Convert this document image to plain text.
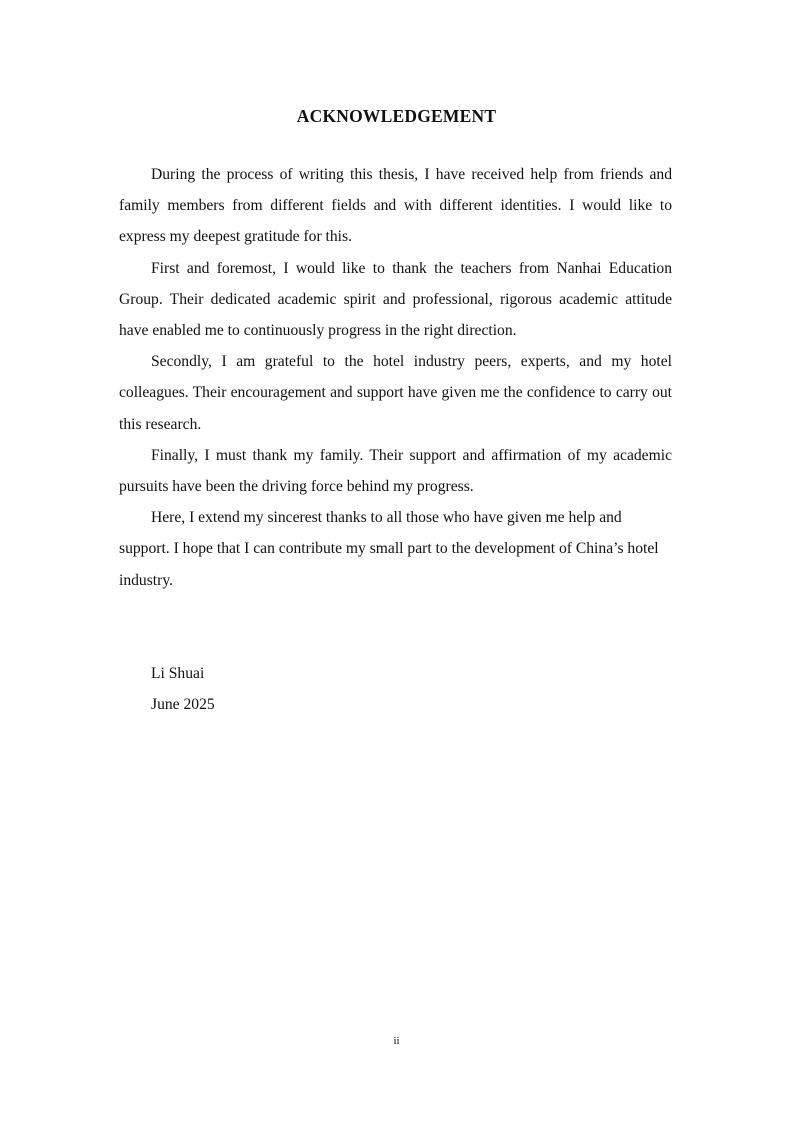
ACKNOWLEDGEMENT

During the process of writing this thesis, I have received help from friends and family members from different fields and with different identities. I would like to express my deepest gratitude for this.

First and foremost, I would like to thank the teachers from Nanhai Education Group. Their dedicated academic spirit and professional, rigorous academic attitude have enabled me to continuously progress in the right direction.

Secondly, I am grateful to the hotel industry peers, experts, and my hotel colleagues. Their encouragement and support have given me the confidence to carry out this research.

Finally, I must thank my family. Their support and affirmation of my academic pursuits have been the driving force behind my progress.

Here, I extend my sincerest thanks to all those who have given me help and support. I hope that I can contribute my small part to the development of China’s hotel industry.

Li Shuai

June 2025

ii
